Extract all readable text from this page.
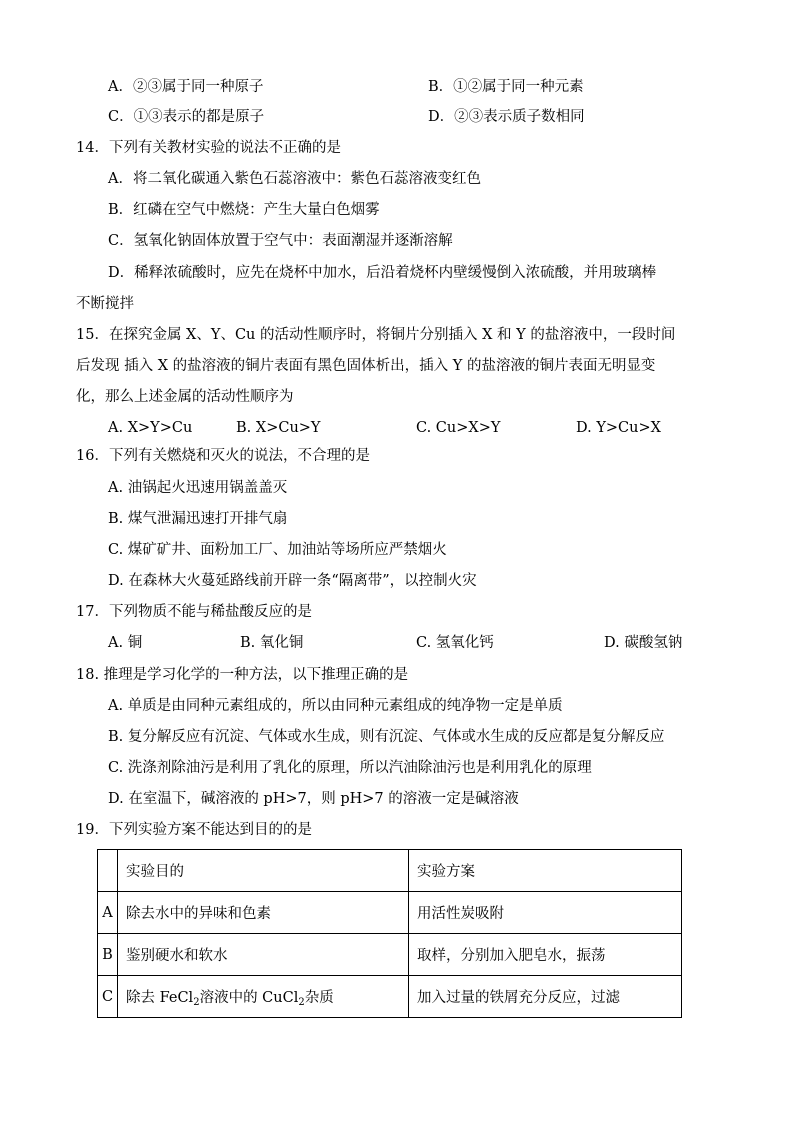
A．②③属于同一种原子	B．①②属于同一种元素
C．①③表示的都是原子	D．②③表示质子数相同
14．下列有关教材实验的说法不正确的是
A．将二氧化碳通入紫色石蕊溶液中：紫色石蕊溶液变红色
B．红磷在空气中燃烧：产生大量白色烟雾
C．氢氧化钠固体放置于空气中：表面潮湿并逐渐溶解
D．稀释浓硫酸时，应先在烧杯中加水，后沿着烧杯内壁缓慢倒入浓硫酸，并用玻璃棒
不断搅拌
15．在探究金属 X、Y、Cu 的活动性顺序时，将铜片分别插入 X 和 Y 的盐溶液中，一段时间
后发现 插入 X 的盐溶液的铜片表面有黑色固体析出，插入 Y 的盐溶液的铜片表面无明显变
化，那么上述金属的活动性顺序为
A. X>Y>Cu	B. X>Cu>Y	C. Cu>X>Y	D. Y>Cu>X
16．下列有关燃烧和灭火的说法，不合理的是
A. 油锅起火迅速用锅盖盖灭
B. 煤气泄漏迅速打开排气扇
C. 煤矿矿井、面粉加工厂、加油站等场所应严禁烟火
D. 在森林大火蔓延路线前开辟一条“隔离带”，以控制火灾
17．下列物质不能与稀盐酸反应的是
A. 铜	B. 氧化铜	C. 氢氧化钙	D. 碳酸氢钠
18. 推理是学习化学的一种方法，以下推理正确的是
A. 单质是由同种元素组成的，所以由同种元素组成的纯净物一定是单质
B. 复分解反应有沉淀、气体或水生成，则有沉淀、气体或水生成的反应都是复分解反应
C. 洗涤剂除油污是利用了乳化的原理，所以汽油除油污也是利用乳化的原理
D. 在室温下，碱溶液的 pH>7，则 pH>7 的溶液一定是碱溶液
19．下列实验方案不能达到目的的是
	实验目的	实验方案
A	除去水中的异味和色素	用活性炭吸附
B	鉴别硬水和软水	取样，分别加入肥皂水，振荡
C	除去 FeCl$_2$溶液中的 CuCl$_2$杂质	加入过量的铁屑充分反应，过滤
